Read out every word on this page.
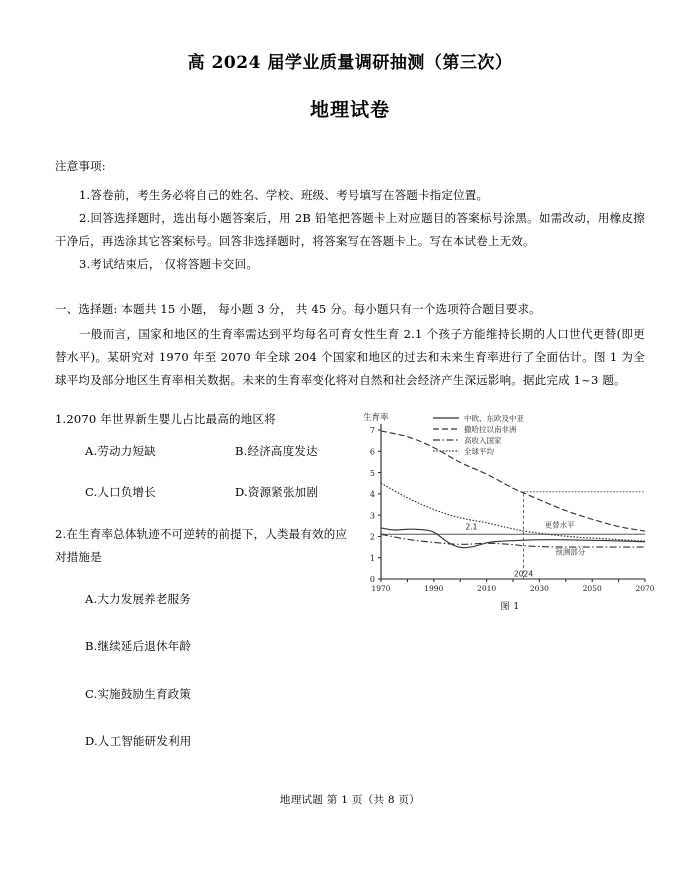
高 2024 届学业质量调研抽测（第三次）
地理试卷
注意事项:
1.答卷前，考生务必将自己的姓名、学校、班级、考号填写在答题卡指定位置。
2.回答选择题时，选出每小题答案后，用 2B 铅笔把答题卡上对应题目的答案标号涂黑。如需改动，用橡皮擦干净后，再选涂其它答案标号。回答非选择题时，将答案写在答题卡上。写在本试卷上无效。
3.考试结束后， 仅将答题卡交回。
一、选择题: 本题共 15 小题， 每小题 3 分， 共 45 分。每小题只有一个选项符合题目要求。

一般而言，国家和地区的生育率需达到平均每名可育女性生育 2.1 个孩子方能维持长期的人口世代更替(即更替水平)。某研究对 1970 年至 2070 年全球 204 个国家和地区的过去和未来生育率进行了全面估计。图 1 为全球平均及部分地区生育率相关数据。未来的生育率变化将对自然和社会经济产生深远影响。据此完成 1~3 题。

1.2070 年世界新生婴儿占比最高的地区将
A.劳动力短缺	B.经济高度发达
C.人口负增长	D.资源紧张加剧
2.在生育率总体轨迹不可逆转的前提下，人类最有效的应对措施是
A.大力发展养老服务
B.继续延后退休年龄
C.实施鼓励生育政策
D.人工智能研发利用
0
1
2
3
4
5
6
7
1970	1990	2010	2030	2050	2070
生育率	中欧、东欧及中亚
撒哈拉以南非洲
高收入国家
全球平均
2.1	更替水平
预测部分
2024
图 1
地理试题 第 1 页（共 8 页）
